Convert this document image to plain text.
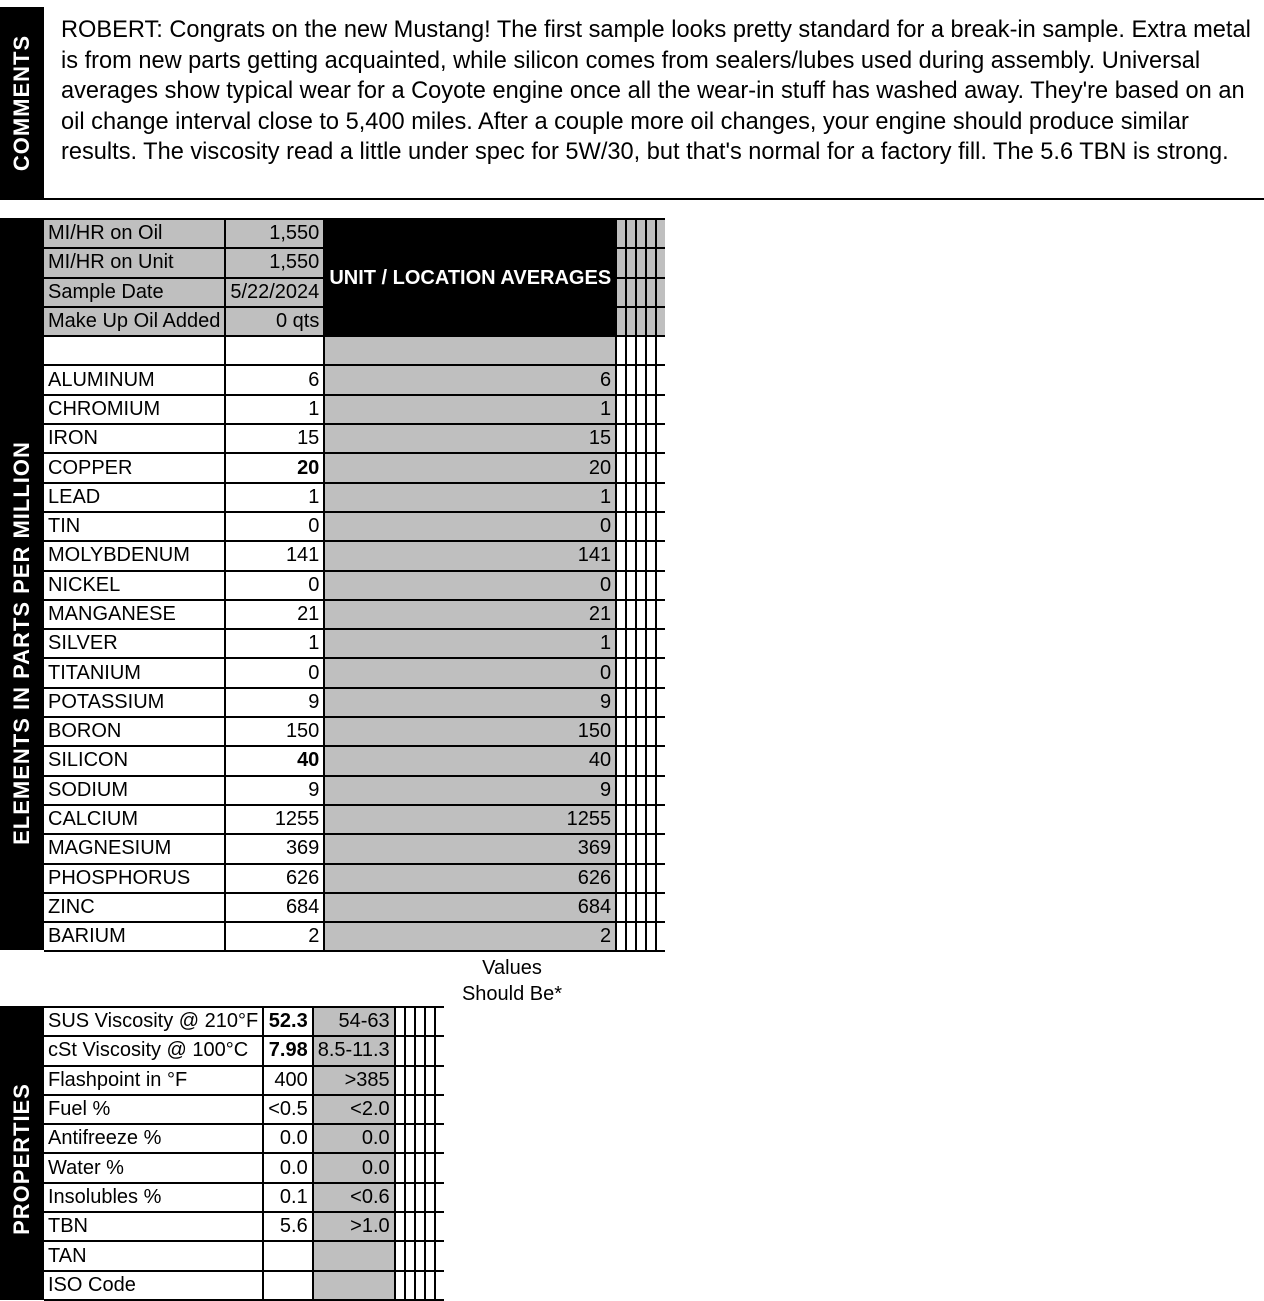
COMMENTS
ROBERT: Congrats on the new Mustang! The first sample looks pretty standard for a break-in sample. Extra metal is from new parts getting acquainted, while silicon comes from sealers/lubes used during assembly. Universal averages show typical wear for a Coyote engine once all the wear-in stuff has washed away. They're based on an oil change interval close to 5,400 miles. After a couple more oil changes, your engine should produce similar results. The viscosity read a little under spec for 5W/30, but that's normal for a factory fill. The 5.6 TBN is strong.
ELEMENTS IN PARTS PER MILLION
MI/HR on Oil	1,550	UNIT / LOCATION AVERAGES					
MI/HR on Unit	1,550						
Sample Date	5/22/2024						
Make Up Oil Added	0 qts						

ALUMINUM	6	6					
CHROMIUM	1	1					
IRON	15	15					
COPPER	20	20					
LEAD	1	1					
TIN	0	0					
MOLYBDENUM	141	141					
NICKEL	0	0					
MANGANESE	21	21					
SILVER	1	1					
TITANIUM	0	0					
POTASSIUM	9	9					
BORON	150	150					
SILICON	40	40					
SODIUM	9	9					
CALCIUM	1255	1255					
MAGNESIUM	369	369					
PHOSPHORUS	626	626					
ZINC	684	684					
BARIUM	2	2					
Values
Should Be*
PROPERTIES
SUS Viscosity @ 210°F	52.3	54-63					
cSt Viscosity @ 100°C	7.98	8.5-11.3					
Flashpoint in °F	400	>385					
Fuel %	<0.5	<2.0					
Antifreeze %	0.0	0.0					
Water %	0.0	0.0					
Insolubles %	0.1	<0.6					
TBN	5.6	>1.0					
TAN							
ISO Code							
